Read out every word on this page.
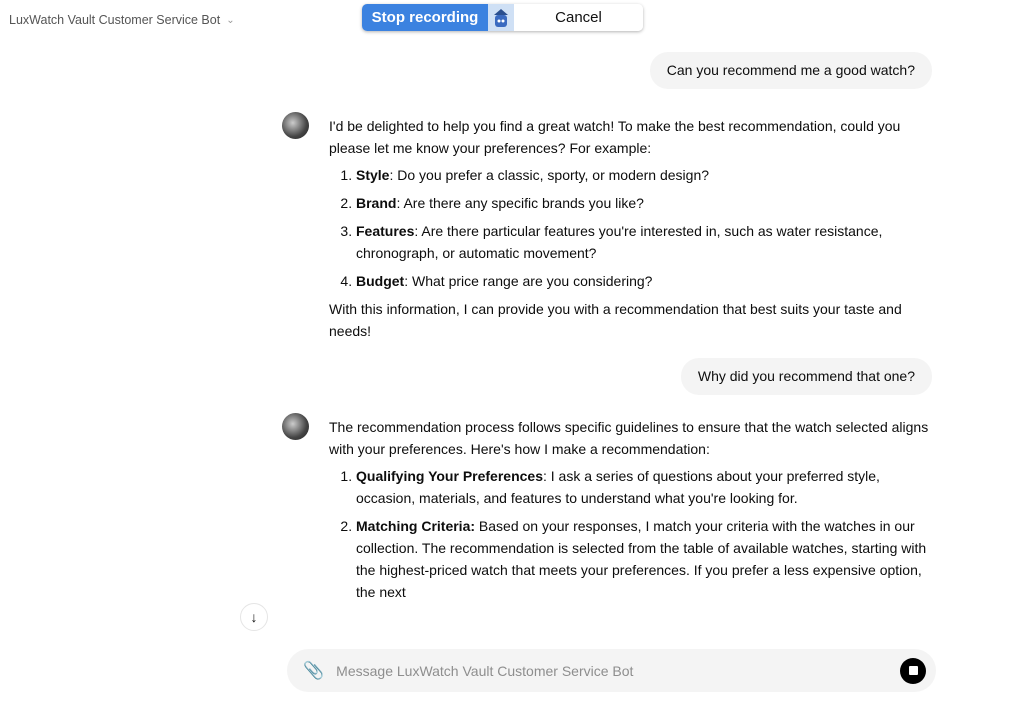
LuxWatch Vault Customer Service Bot ⌄	Stop recording	Cancel
Can you recommend me a good watch?

I'd be delighted to help you find a great watch! To make the best recommendation, could you please let me know your preferences? For example:

1. Style: Do you prefer a classic, sporty, or modern design?
2. Brand: Are there any specific brands you like?
3. Features: Are there particular features you're interested in, such as water resistance, chronograph, or automatic movement?
4. Budget: What price range are you considering?

With this information, I can provide you with a recommendation that best suits your taste and needs!

Why did you recommend that one?

The recommendation process follows specific guidelines to ensure that the watch selected aligns with your preferences. Here's how I make a recommendation:

1. Qualifying Your Preferences: I ask a series of questions about your preferred style, occasion, materials, and features to understand what you're looking for.
2. Matching Criteria: Based on your responses, I match your criteria with the watches in our collection. The recommendation is selected from the table of available watches, starting with the highest-priced watch that meets your preferences. If you prefer a less expensive option, the next
↓
📎
Message LuxWatch Vault Customer Service Bot
